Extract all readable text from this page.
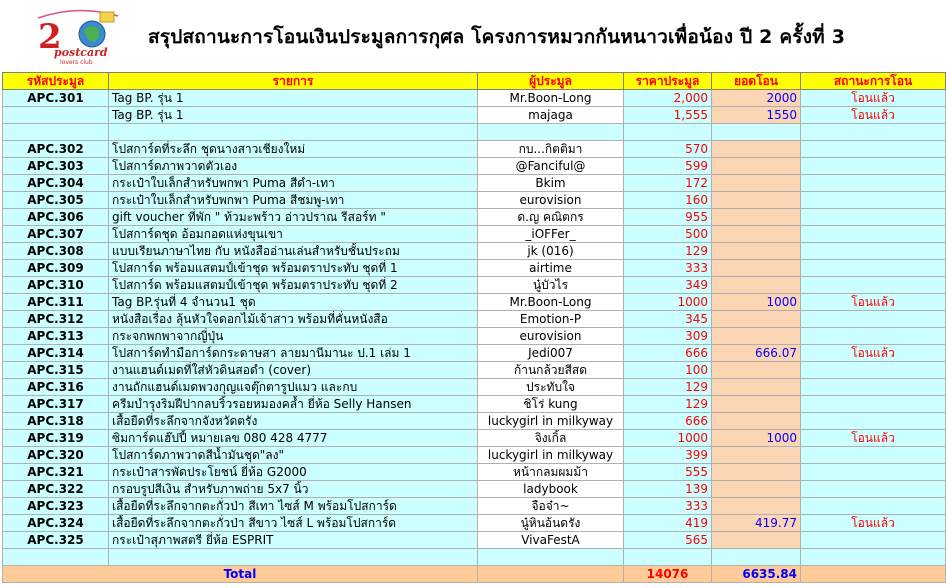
2
postcard
lovers club
สรุปสถานะการโอนเงินประมูลการกุศล โครงการหมวกกันหนาวเพื่อน้อง ปี 2 ครั้งที่ 3
รหัสประมูล	รายการ	ผู้ประมูล	ราคาประมูล	ยอดโอน	สถานะการโอน
APC.301	Tag BP. รุ่น 1	Mr.Boon-Long	2,000	2000	โอนแล้ว
	Tag BP. รุ่น 1	majaga	1,555	1550	โอนแล้ว

APC.302	โปสการ์ดที่ระลึก ชุดนางสาวเชียงใหม่	กบ...กิตติมา	570		
APC.303	โปสการ์ดภาพวาดตัวเอง	@Fanciful@	599		
APC.304	กระเป๋าใบเล็กสำหรับพกพา Puma สีดำ-เทา	Bkim	172		
APC.305	กระเป๋าใบเล็กสำหรับพกพา Puma สีชมพู-เทา	eurovision	160		
APC.306	gift voucher ที่พัก " ท้วมะพร้าว อ่าวปราณ รีสอร์ท "	ด.ญ คณิตกร	955		
APC.307	โปสการ์ดชุด อ้อมกอดแห่งขุนเขา	_iOFFer_	500		
APC.308	แบบเรียนภาษาไทย กับ หนังสืออ่านเล่นสำหรับชั้นประถม	jk (016)	129		
APC.309	โปสการ์ด พร้อมแสตมป์เข้าชุด พร้อมตราประทับ ชุดที่ 1	airtime	333		
APC.310	โปสการ์ด พร้อมแสตมป์เข้าชุด พร้อมตราประทับ ชุดที่ 2	นู๋บัวไร	349		
APC.311	Tag BP.รุ่นที่ 4 จำนวน1 ชุด	Mr.Boon-Long	1000	1000	โอนแล้ว
APC.312	หนังสือเรื่อง ลุ้นหัวใจดอกไม้เจ้าสาว พร้อมที่คั่นหนังสือ	Emotion-P	345		
APC.313	กระจกพกพาจากญี่ปุ่น	eurovision	309		
APC.314	โปสการ์ดทำมือการ์ดกระดาษสา ลายมานีมานะ ป.1 เล่ม 1	Jedi007	666	666.07	โอนแล้ว
APC.315	งานแฮนด์เมดที่ใส่หัวดินสอดำ (cover)	ก้านกล้วยสีสด	100		
APC.316	งานถักแฮนด์เมดพวงกุญแจตุ๊กตารูปแมว และกบ	ประทับใจ	129		
APC.317	ครีมบำรุงริมฝีปากลบริ้วรอยหมองคล้ำ ยี่ห้อ Selly Hansen	ชิโร่ kung	129		
APC.318	เสื้อยืดที่ระลึกจากจังหวัดตรัง	luckygirl in milkyway	666		
APC.319	ซิมการ์ดแฮ๊ปปี้ หมายเลข 080 428 4777	จิงเกิ้ล	1000	1000	โอนแล้ว
APC.320	โปสการ์ดภาพวาดสีน้ำมันชุด"ลง"	luckygirl in milkyway	399		
APC.321	กระเป๋าสารพัดประโยชน์ ยี่ห้อ G2000	หน้ากลมผมม้า	555		
APC.322	กรอบรูปสีเงิน สำหรับภาพถ่าย 5x7 นิ้ว	ladybook	139		
APC.323	เสื้อยืดที่ระลึกจากตะกั่วป่า สีเทา ไซส์ M พร้อมโปสการ์ด	จือจ๋า~	333		
APC.324	เสื้อยืดที่ระลึกจากตะกั่วป่า สีขาว ไซส์ L พร้อมโปสการ์ด	นู๋หินอ้นดรัง	419	419.77	โอนแล้ว
APC.325	กระเป๋าสุภาพสตรี ยี่ห้อ ESPRIT	VivaFestA	565		

Total			14076	6635.84	
